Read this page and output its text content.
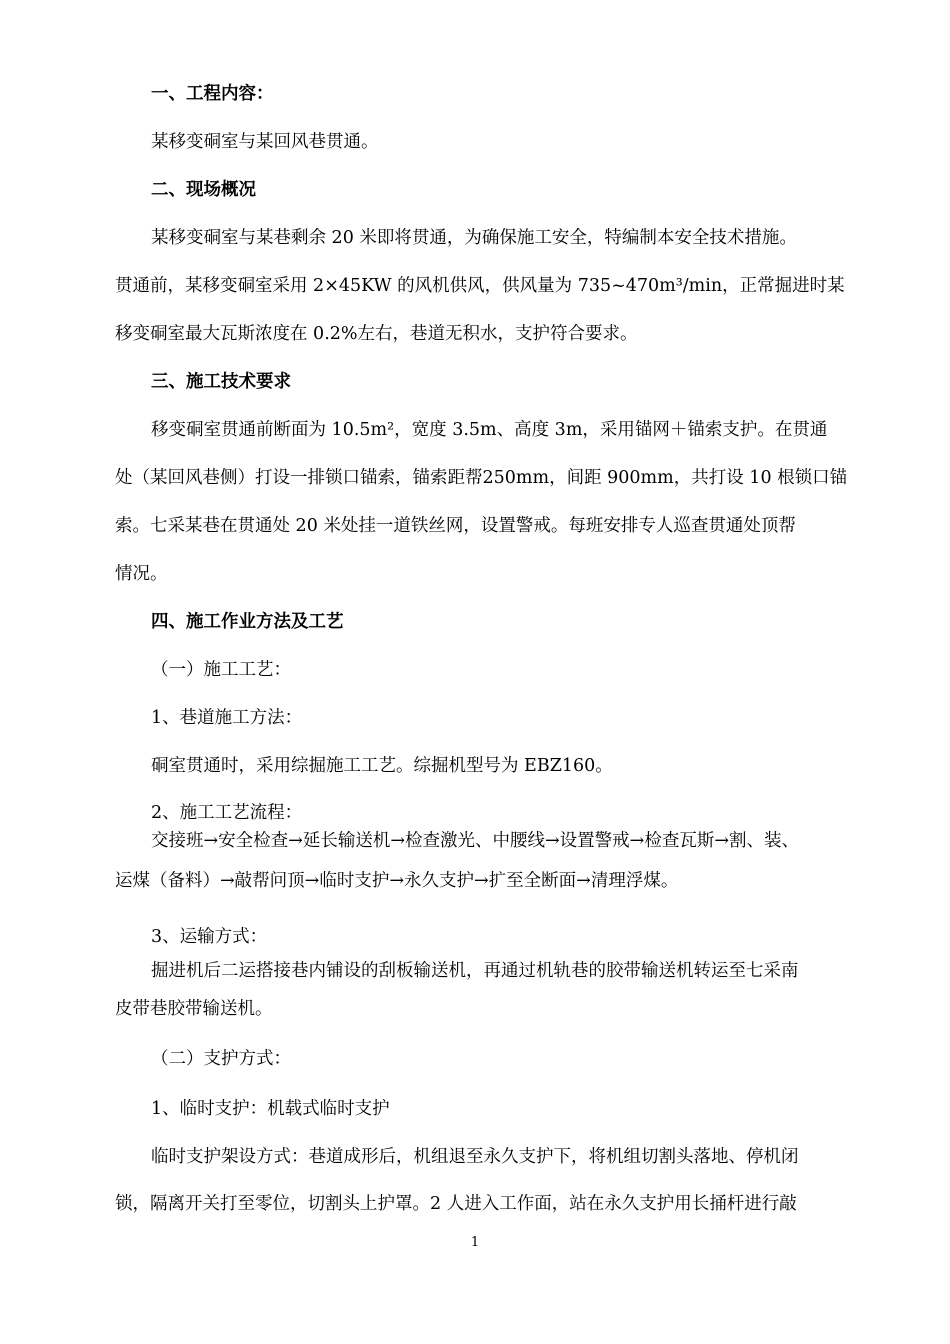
一、工程内容：
某移变硐室与某回风巷贯通。
二、现场概况
某移变硐室与某巷剩余 20 米即将贯通，为确保施工安全，特编制本安全技术措施。
贯通前，某移变硐室采用 2×45KW 的风机供风，供风量为 735~470m³/min，正常掘进时某
移变硐室最大瓦斯浓度在 0.2%左右，巷道无积水，支护符合要求。
三、施工技术要求
移变硐室贯通前断面为 10.5m²，宽度 3.5m、高度 3m，采用锚网＋锚索支护。在贯通
处（某回风巷侧）打设一排锁口锚索，锚索距帮250mm，间距 900mm，共打设 10 根锁口锚
索。七采某巷在贯通处 20 米处挂一道铁丝网，设置警戒。每班安排专人巡查贯通处顶帮
情况。
四、施工作业方法及工艺
（一）施工工艺：
1、巷道施工方法：
硐室贯通时，采用综掘施工工艺。综掘机型号为 EBZ160。
2、施工工艺流程：
交接班→安全检查→延长输送机→检查激光、中腰线→设置警戒→检查瓦斯→割、装、
运煤（备料）→敲帮问顶→临时支护→永久支护→扩至全断面→清理浮煤。
3、运输方式：
掘进机后二运搭接巷内铺设的刮板输送机，再通过机轨巷的胶带输送机转运至七采南
皮带巷胶带输送机。
（二）支护方式：
1、临时支护：机载式临时支护
临时支护架设方式：巷道成形后，机组退至永久支护下，将机组切割头落地、停机闭
锁，隔离开关打至零位，切割头上护罩。2 人进入工作面，站在永久支护用长捅杆进行敲
1
